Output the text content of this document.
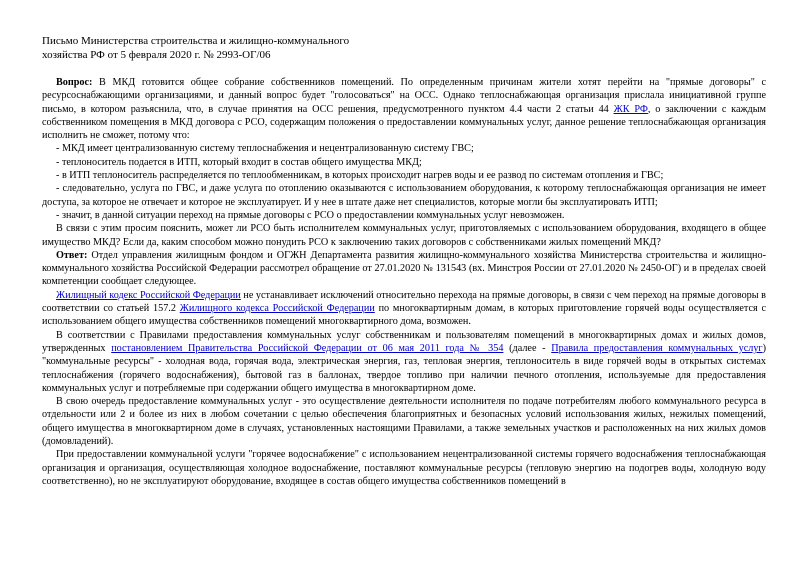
Письмо Министерства строительства и жилищно-коммунального
хозяйства РФ от 5 февраля 2020 г. № 2993-ОГ/06

Вопрос: В МКД готовится общее собрание собственников помещений. По определенным причинам жители хотят перейти на "прямые договоры" с ресурсоснабжающими организациями, и данный вопрос будет "голосоваться" на ОСС. Однако теплоснабжающая организация прислала инициативной группе письмо, в котором разъяснила, что, в случае принятия на ОСС решения, предусмотренного пунктом 4.4 части 2 статьи 44 ЖК РФ, о заключении с каждым собственником помещения в МКД договора с РСО, содержащим положения о предоставлении коммунальных услуг, данное решение теплоснабжающая организация исполнить не сможет, потому что:

- МКД имеет централизованную систему теплоснабжения и нецентрализованную систему ГВС;

- теплоноситель подается в ИТП, который входит в состав общего имущества МКД;

- в ИТП теплоноситель распределяется по теплообменникам, в которых происходит нагрев воды и ее развод по системам отопления и ГВС;

- следовательно, услуга по ГВС, и даже услуга по отоплению оказываются с использованием оборудования, к которому теплоснабжающая организация не имеет доступа, за которое не отвечает и которое не эксплуатирует. И у нее в штате даже нет специалистов, которые могли бы эксплуатировать ИТП;

- значит, в данной ситуации переход на прямые договоры с РСО о предоставлении коммунальных услуг невозможен.

В связи с этим просим пояснить, может ли РСО быть исполнителем коммунальных услуг, приготовляемых с использованием оборудования, входящего в общее имущество МКД? Если да, каким способом можно понудить РСО к заключению таких договоров с собственниками жилых помещений МКД?

Ответ: Отдел управления жилищным фондом и ОГЖН Департамента развития жилищно-коммунального хозяйства Министерства строительства и жилищно-коммунального хозяйства Российской Федерации рассмотрел обращение от 27.01.2020 № 131543 (вх. Минстроя России от 27.01.2020 № 2450-ОГ) и в пределах своей компетенции сообщает следующее.

Жилищный кодекс Российской Федерации не устанавливает исключений относительно перехода на прямые договоры, в связи с чем переход на прямые договоры в соответствии со статьей 157.2 Жилищного кодекса Российской Федерации по многоквартирным домам, в которых приготовление горячей воды осуществляется с использованием общего имущества собственников помещений многоквартирного дома, возможен.

В соответствии с Правилами предоставления коммунальных услуг собственникам и пользователям помещений в многоквартирных домах и жилых домов, утвержденных постановлением Правительства Российской Федерации от 06 мая 2011 года № 354 (далее - Правила предоставления коммунальных услуг) "коммунальные ресурсы" - холодная вода, горячая вода, электрическая энергия, газ, тепловая энергия, теплоноситель в виде горячей воды в открытых системах теплоснабжения (горячего водоснабжения), бытовой газ в баллонах, твердое топливо при наличии печного отопления, используемые для предоставления коммунальных услуг и потребляемые при содержании общего имущества в многоквартирном доме.

В свою очередь предоставление коммунальных услуг - это осуществление деятельности исполнителя по подаче потребителям любого коммунального ресурса в отдельности или 2 и более из них в любом сочетании с целью обеспечения благоприятных и безопасных условий использования жилых, нежилых помещений, общего имущества в многоквартирном доме в случаях, установленных настоящими Правилами, а также земельных участков и расположенных на них жилых домов (домовладений).

При предоставлении коммунальной услуги "горячее водоснабжение" с использованием нецентрализованной системы горячего водоснабжения теплоснабжающая организация и организация, осуществляющая холодное водоснабжение, поставляют коммунальные ресурсы (тепловую энергию на подогрев воды, холодную воду соответственно), но не эксплуатируют оборудование, входящее в состав общего имущества собственников помещений в
